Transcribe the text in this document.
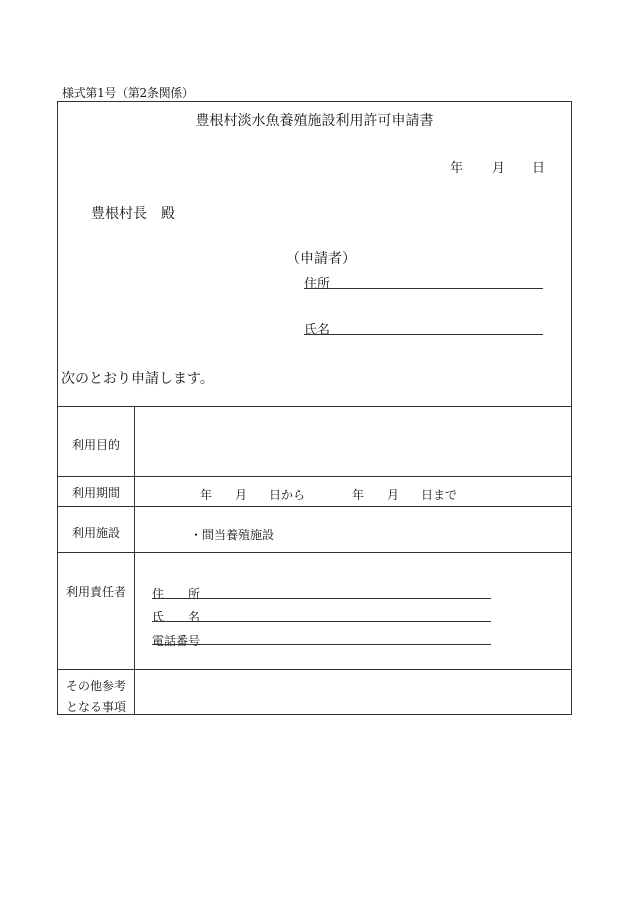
様式第1号（第2条関係）
豊根村淡水魚養殖施設利用許可申請書
年 月 日
豊根村長　殿
（申請者）
住所
氏名
次のとおり申請します。
利用目的
利用期間	年 月 日から	年 月 日まで
利用施設	・間当養殖施設
利用責任者	住　　所
氏　　名
電話番号
その他参考
となる事項
